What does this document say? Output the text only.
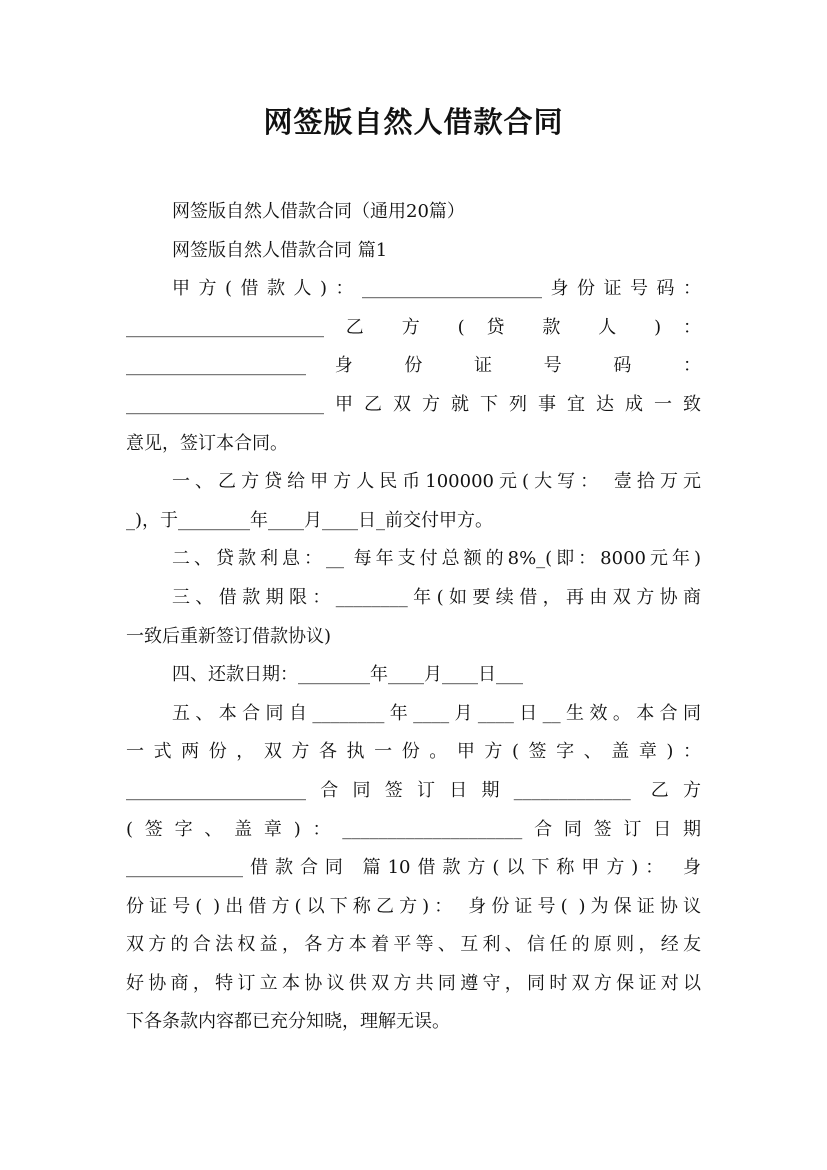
网签版自然人借款合同
网签版自然人借款合同（通用20篇）
网签版自然人借款合同 篇1
甲方(借款人)：____________________身份证号码：
______________________ 乙 方 ( 贷 款 人 ) ：
____________________ 身 份 证 号 码 ：
______________________甲乙双方就下列事宜达成一致
意见，签订本合同。
一、乙方贷给甲方人民币100000元(大写： 壹拾万元
_)，于________年____月____日_前交付甲方。
二、贷款利息：__ 每年支付总额的8%_(即：8000元年)
三、借款期限：________年(如要续借，再由双方协商
一致后重新签订借款协议)
四、还款日期：________年____月____日___
五、本合同自________年____月____日__生效。本合同
一式两份，双方各执一份。甲方(签字、盖章)：
____________________合同签订日期_____________ 乙方
(签字、盖章)：____________________合同签订日期
_____________借款合同 篇10借款方(以下称甲方)： 身
份证号( )出借方(以下称乙方)： 身份证号( )为保证协议
双方的合法权益，各方本着平等、互利、信任的原则，经友
好协商，特订立本协议供双方共同遵守，同时双方保证对以
下各条款内容都已充分知晓，理解无误。
